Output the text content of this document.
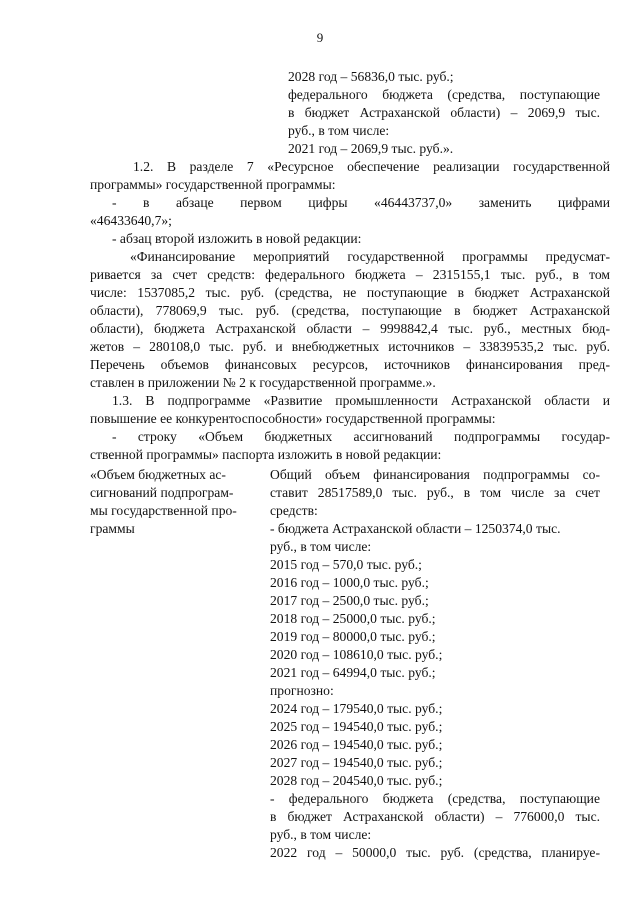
9
2028 год – 56836,0 тыс. руб.;
федерального бюджета (средства, поступающие
в бюджет Астраханской области) – 2069,9 тыс.
руб., в том числе:
2021 год – 2069,9 тыс. руб.».
1.2. В разделе 7 «Ресурсное обеспечение реализации государственной
программы» государственной программы:
- в абзаце первом цифры «46443737,0» заменить цифрами
«46433640,7»;
- абзац второй изложить в новой редакции:
«Финансирование мероприятий государственной программы предусмат-
ривается за счет средств: федерального бюджета – 2315155,1 тыс. руб., в том
числе: 1537085,2 тыс. руб. (средства, не поступающие в бюджет Астраханской
области), 778069,9 тыс. руб. (средства, поступающие в бюджет Астраханской
области), бюджета Астраханской области – 9998842,4 тыс. руб., местных бюд-
жетов – 280108,0 тыс. руб. и внебюджетных источников – 33839535,2 тыс. руб.
Перечень объемов финансовых ресурсов, источников финансирования пред-
ставлен в приложении № 2 к государственной программе.».
1.3. В подпрограмме «Развитие промышленности Астраханской области и
повышение ее конкурентоспособности» государственной программы:
- строку «Объем бюджетных ассигнований подпрограммы государ-
ственной программы» паспорта изложить в новой редакции:
«Объем бюджетных ас-
сигнований подпрограм-
мы государственной про-
граммы
Общий объем финансирования подпрограммы со-
ставит 28517589,0 тыс. руб., в том числе за счет
средств:
- бюджета Астраханской области – 1250374,0 тыс.
руб., в том числе:
2015 год – 570,0 тыс. руб.;
2016 год – 1000,0 тыс. руб.;
2017 год – 2500,0 тыс. руб.;
2018 год – 25000,0 тыс. руб.;
2019 год – 80000,0 тыс. руб.;
2020 год – 108610,0 тыс. руб.;
2021 год – 64994,0 тыс. руб.;
прогнозно:
2024 год – 179540,0 тыс. руб.;
2025 год – 194540,0 тыс. руб.;
2026 год – 194540,0 тыс. руб.;
2027 год – 194540,0 тыс. руб.;
2028 год – 204540,0 тыс. руб.;
- федерального бюджета (средства, поступающие
в бюджет Астраханской области) – 776000,0 тыс.
руб., в том числе:
2022 год – 50000,0 тыс. руб. (средства, планируе-
